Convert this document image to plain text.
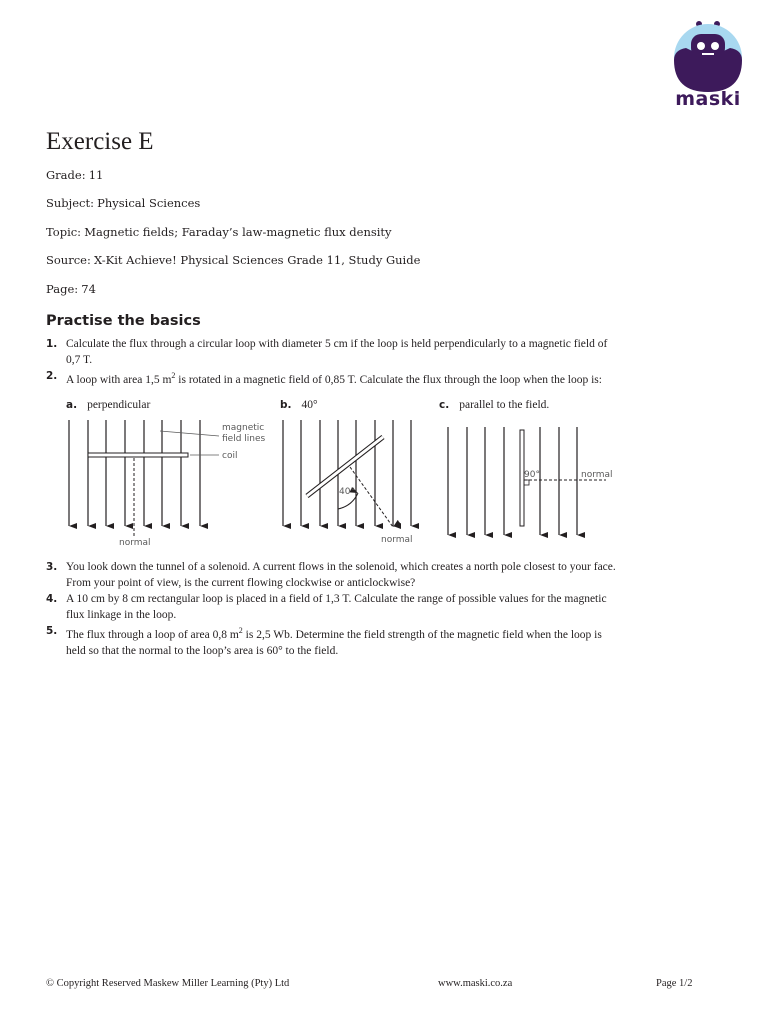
maski
Exercise E

Grade: 11

Subject: Physical Sciences

Topic: Magnetic fields; Faraday’s law-magnetic flux density

Source: X-Kit Achieve! Physical Sciences Grade 11, Study Guide

Page: 74

Practise the basics
1. Calculate the flux through a circular loop with diameter 5 cm if the loop is held perpendicularly to a magnetic field of 0,7 T.
2. A loop with area 1,5 $m^2$ is rotated in a magnetic field of 0,85 T. Calculate the flux through the loop when the loop is:
a. perpendicular	b. 40°	c. parallel to the field.
magnetic
field lines
coil
normal
40°
normal
90°	normal
3. You look down the tunnel of a solenoid. A current flows in the solenoid, which creates a north pole closest to your face. From your point of view, is the current flowing clockwise or anticlockwise?
4. A 10 cm by 8 cm rectangular loop is placed in a field of 1,3 T. Calculate the range of possible values for the magnetic flux linkage in the loop.
5. The flux through a loop of area 0,8 $m^2$ is 2,5 Wb. Determine the field strength of the magnetic field when the loop is held so that the normal to the loop’s area is 60° to the field.
© Copyright Reserved Maskew Miller Learning (Pty) Ltd	www.maski.co.za	Page 1/2
